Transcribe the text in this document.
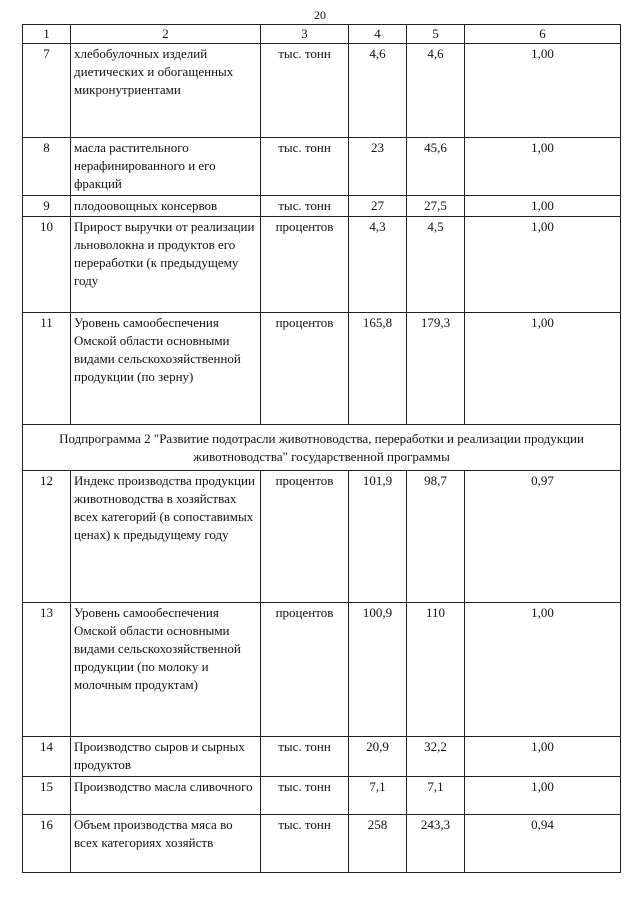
20
1	2	3	4	5	6
7	хлебобулочных изделий диетических и обогащенных микронутриентами	тыс. тонн	4,6	4,6	1,00
8	масла растительного нерафинированного и его фракций	тыс. тонн	23	45,6	1,00
9	плодоовощных консервов	тыс. тонн	27	27,5	1,00
10	Прирост выручки от реализации льноволокна и продуктов его переработки (к предыдущему году	процентов	4,3	4,5	1,00
11	Уровень самообеспечения Омской области основными видами сельскохозяйственной продукции (по зерну)	процентов	165,8	179,3	1,00
Подпрограмма 2 "Развитие подотрасли животноводства, переработки и реализации продукции животноводства" государственной программы					
12	Индекс производства продукции животноводства в хозяйствах всех категорий (в сопоставимых ценах) к предыдущему году	процентов	101,9	98,7	0,97
13	Уровень самообеспечения Омской области основными видами сельскохозяйственной продукции (по молоку и молочным продуктам)	процентов	100,9	110	1,00
14	Производство сыров и сырных продуктов	тыс. тонн	20,9	32,2	1,00
15	Производство масла сливочного	тыс. тонн	7,1	7,1	1,00
16	Объем производства мяса во всех категориях хозяйств	тыс. тонн	258	243,3	0,94
